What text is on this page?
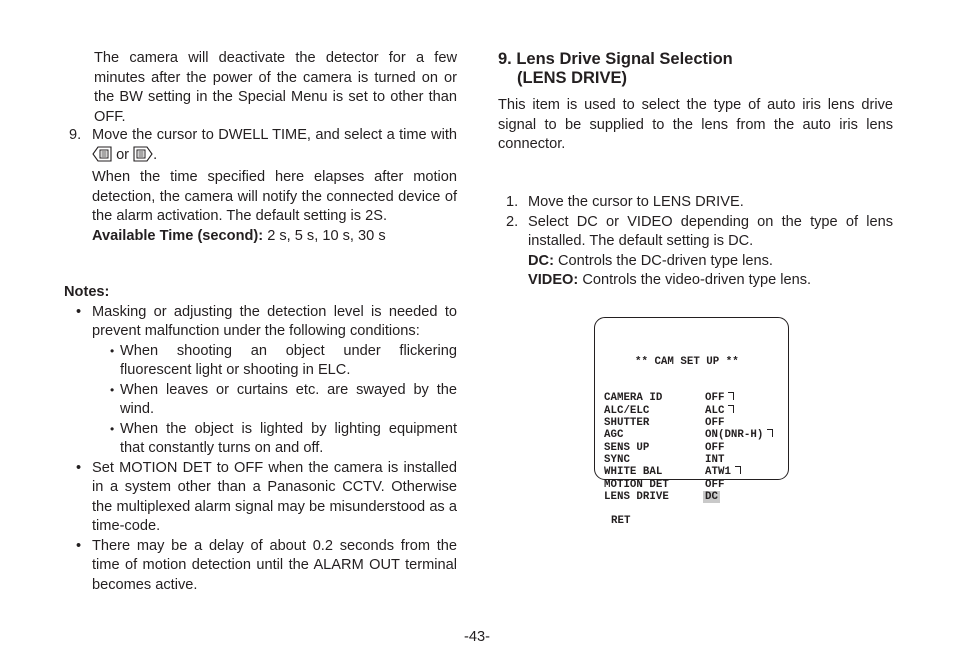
The camera will deactivate the detector for a few minutes after the power of the camera is turned on or the BW setting in the Special Menu is set to other than OFF.
9. Move the cursor to DWELL TIME, and select a time with  or .
When the time specified here elapses after motion detection, the camera will notify the connected device of the alarm activation. The default setting is 2S.
Available Time (second): 2 s, 5 s, 10 s, 30 s
Notes:
• Masking or adjusting the detection level is needed to prevent malfunction under the following conditions:
• When shooting an object under flickering fluorescent light or shooting in ELC.
• When leaves or curtains etc. are swayed by the wind.
• When the object is lighted by lighting equipment that constantly turns on and off.
• Set MOTION DET to OFF when the camera is installed in a system other than a Panasonic CCTV. Otherwise the multiplexed alarm signal may be misunderstood as a time-code.
• There may be a delay of about 0.2 seconds from the time of motion detection until the ALARM OUT terminal becomes active.
9. Lens Drive Signal Selection
(LENS DRIVE)
This item is used to select the type of auto iris lens drive signal to be supplied to the lens from the auto iris lens connector.
1. Move the cursor to LENS DRIVE.
2. Select DC or VIDEO depending on the type of lens installed. The default setting is DC.
DC: Controls the DC-driven type lens.
VIDEO: Controls the video-driven type lens.

** CAM SET UP **

CAMERA ID	OFF
ALC/ELC	ALC
SHUTTER	OFF
AGC	ON(DNR-H)
SENS UP	OFF
SYNC	INT
WHITE BAL	ATW1
MOTION DET	OFF
LENS DRIVE	DC
RET
-43-
